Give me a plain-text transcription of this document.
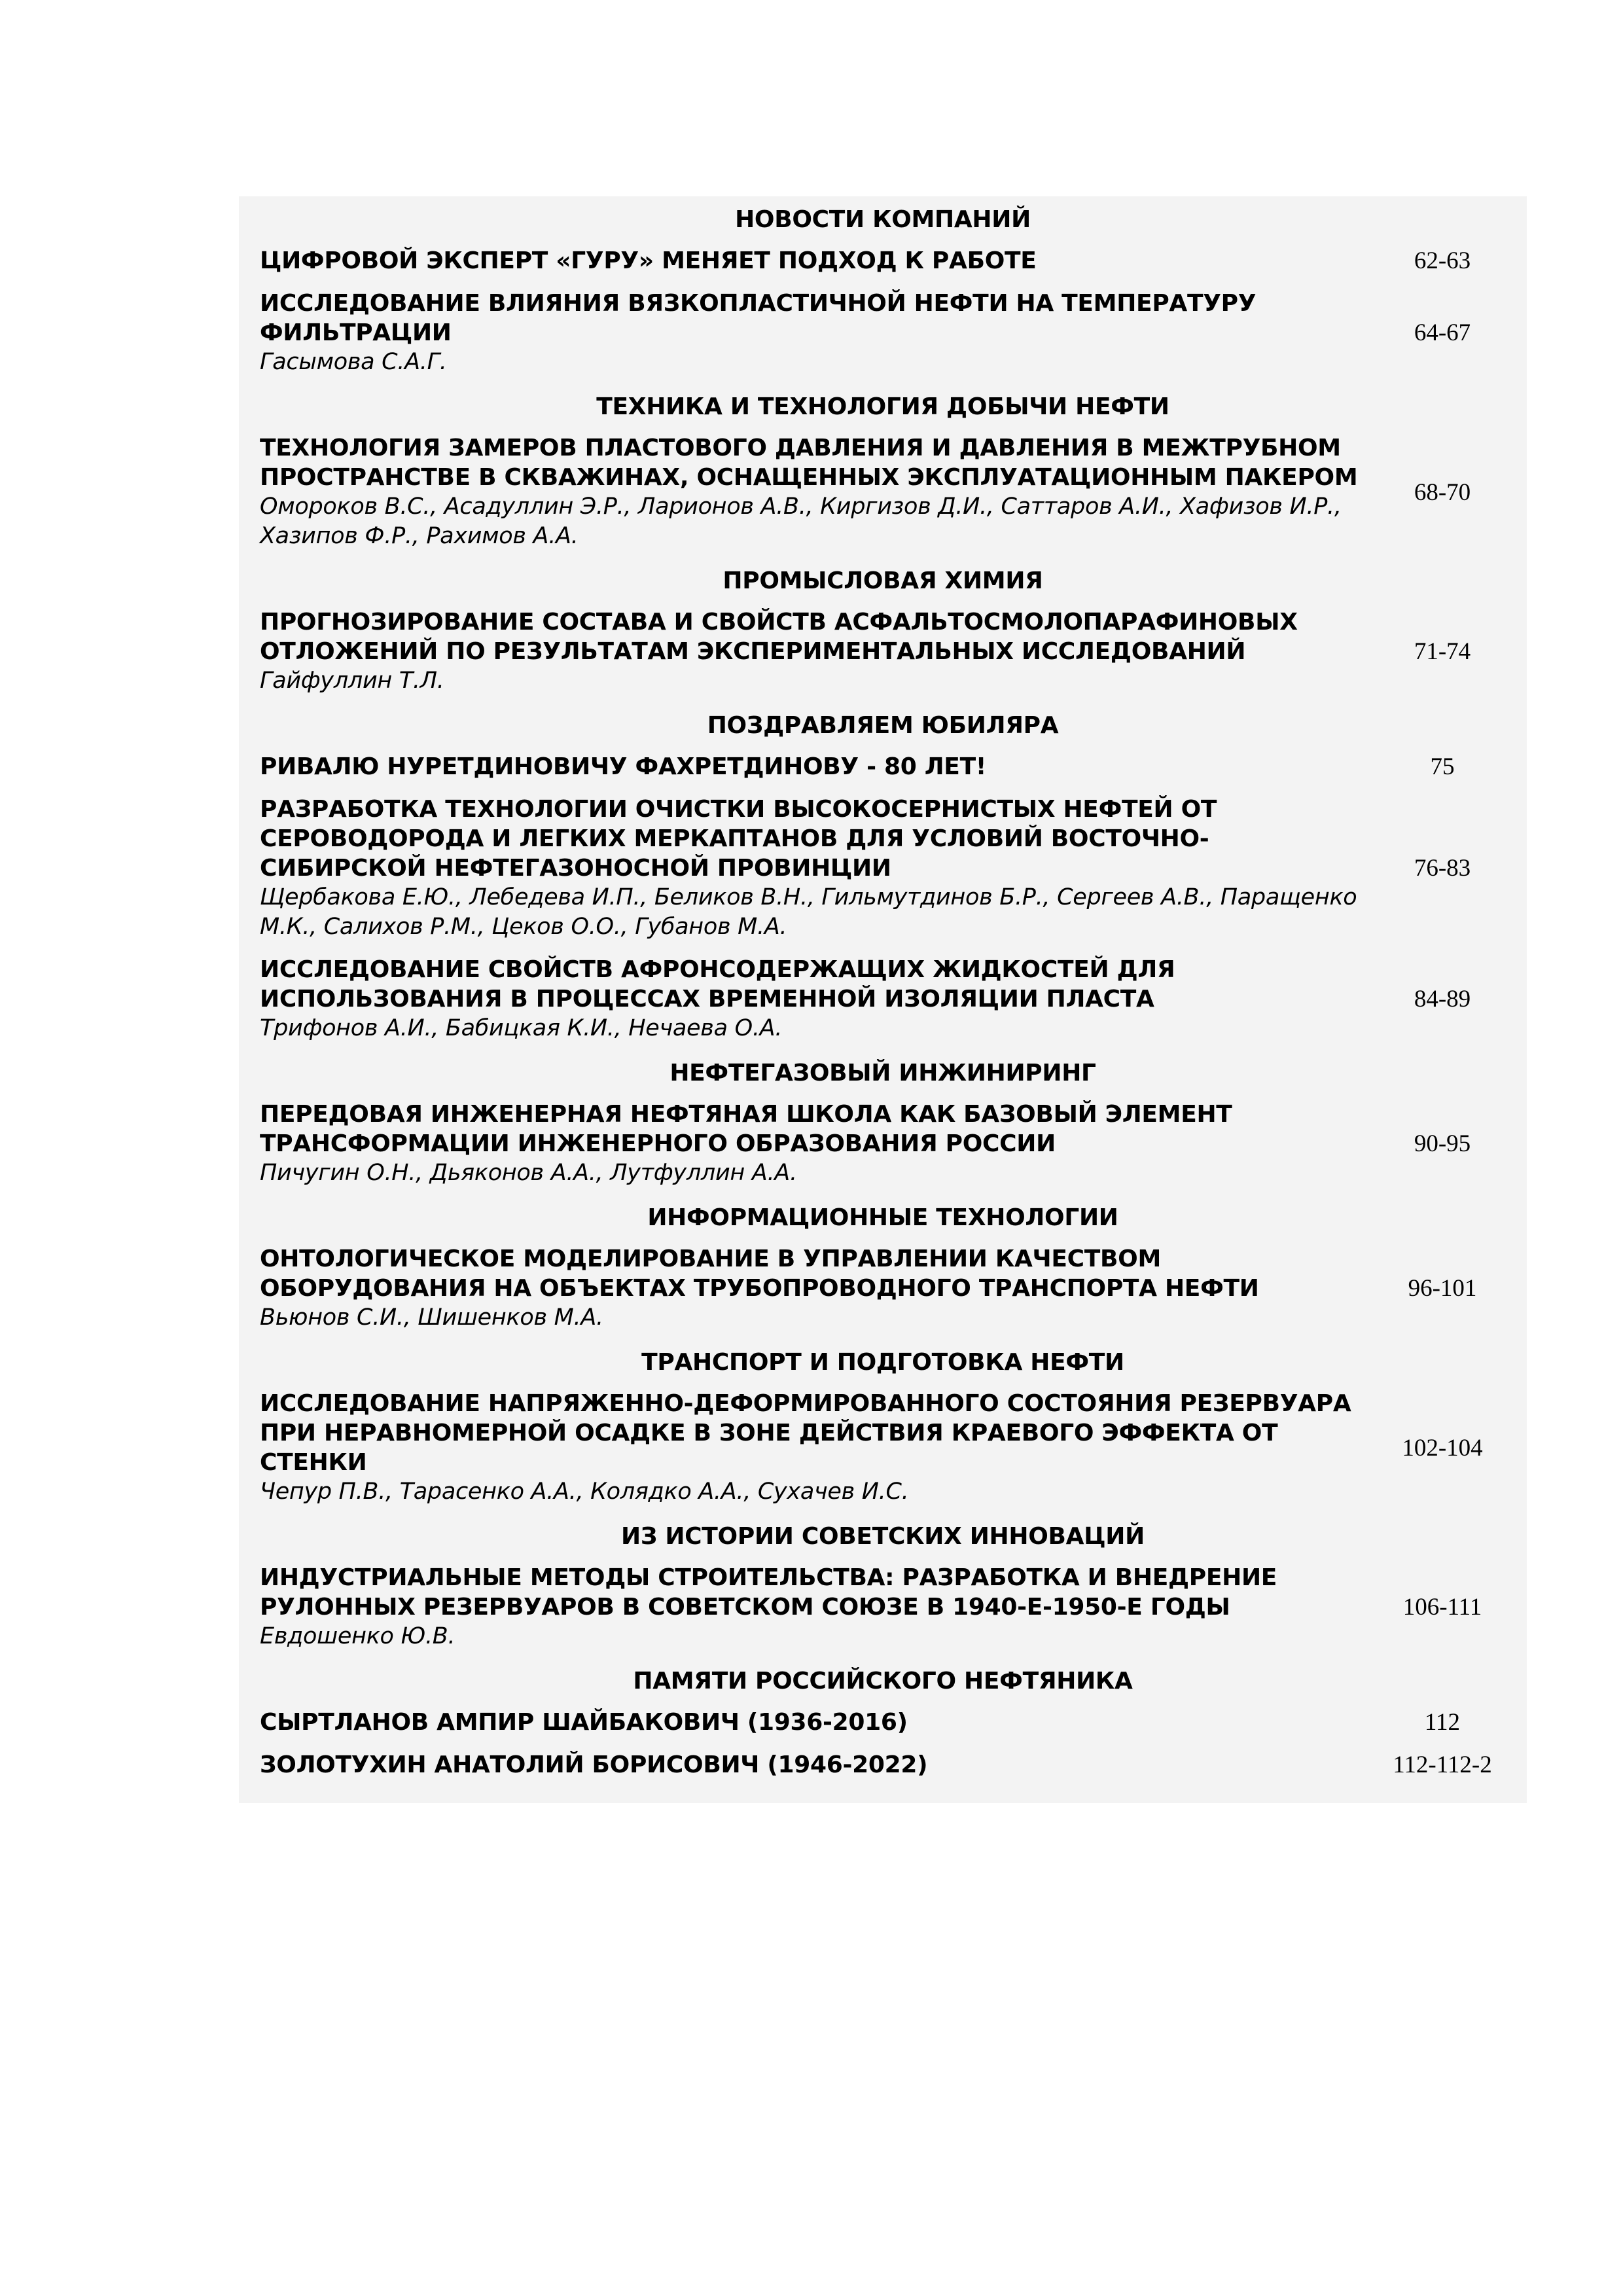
НОВОСТИ КОМПАНИЙ
ЦИФРОВОЙ ЭКСПЕРТ «ГУРУ» МЕНЯЕТ ПОДХОД К РАБОТЕ	62-63
ИССЛЕДОВАНИЕ ВЛИЯНИЯ ВЯЗКОПЛАСТИЧНОЙ НЕФТИ НА ТЕМПЕРАТУРУ ФИЛЬТРАЦИИ
Гасымова С.А.Г.
64-67
ТЕХНИКА И ТЕХНОЛОГИЯ ДОБЫЧИ НЕФТИ
ТЕХНОЛОГИЯ ЗАМЕРОВ ПЛАСТОВОГО ДАВЛЕНИЯ И ДАВЛЕНИЯ В МЕЖТРУБНОМ ПРОСТРАНСТВЕ В СКВАЖИНАХ, ОСНАЩЕННЫХ ЭКСПЛУАТАЦИОННЫМ ПАКЕРОМ
Омороков В.С., Асадуллин Э.Р., Ларионов А.В., Киргизов Д.И., Саттаров А.И., Хафизов И.Р., Хазипов Ф.Р., Рахимов А.А.
68-70
ПРОМЫСЛОВАЯ ХИМИЯ
ПРОГНОЗИРОВАНИЕ СОСТАВА И СВОЙСТВ АСФАЛЬТОСМОЛОПАРАФИНОВЫХ ОТЛОЖЕНИЙ ПО РЕЗУЛЬТАТАМ ЭКСПЕРИМЕНТАЛЬНЫХ ИССЛЕДОВАНИЙ
Гайфуллин Т.Л.
71-74
ПОЗДРАВЛЯЕМ ЮБИЛЯРА
РИВАЛЮ НУРЕТДИНОВИЧУ ФАХРЕТДИНОВУ - 80 ЛЕТ!	75
РАЗРАБОТКА ТЕХНОЛОГИИ ОЧИСТКИ ВЫСОКОСЕРНИСТЫХ НЕФТЕЙ ОТ СЕРОВОДОРОДА И ЛЕГКИХ МЕРКАПТАНОВ ДЛЯ УСЛОВИЙ ВОСТОЧНО-СИБИРСКОЙ НЕФТЕГАЗОНОСНОЙ ПРОВИНЦИИ
Щербакова Е.Ю., Лебедева И.П., Беликов В.Н., Гильмутдинов Б.Р., Сергеев А.В., Паращенко М.К., Салихов Р.М., Цеков О.О., Губанов М.А.
76-83
ИССЛЕДОВАНИЕ СВОЙСТВ АФРОНСОДЕРЖАЩИХ ЖИДКОСТЕЙ ДЛЯ ИСПОЛЬЗОВАНИЯ В ПРОЦЕССАХ ВРЕМЕННОЙ ИЗОЛЯЦИИ ПЛАСТА
Трифонов А.И., Бабицкая К.И., Нечаева О.А.
84-89
НЕФТЕГАЗОВЫЙ ИНЖИНИРИНГ
ПЕРЕДОВАЯ ИНЖЕНЕРНАЯ НЕФТЯНАЯ ШКОЛА КАК БАЗОВЫЙ ЭЛЕМЕНТ ТРАНСФОРМАЦИИ ИНЖЕНЕРНОГО ОБРАЗОВАНИЯ РОССИИ
Пичугин О.Н., Дьяконов А.А., Лутфуллин А.А.
90-95
ИНФОРМАЦИОННЫЕ ТЕХНОЛОГИИ
ОНТОЛОГИЧЕСКОЕ МОДЕЛИРОВАНИЕ В УПРАВЛЕНИИ КАЧЕСТВОМ ОБОРУДОВАНИЯ НА ОБЪЕКТАХ ТРУБОПРОВОДНОГО ТРАНСПОРТА НЕФТИ
Вьюнов С.И., Шишенков М.А.
96-101
ТРАНСПОРТ И ПОДГОТОВКА НЕФТИ
ИССЛЕДОВАНИЕ НАПРЯЖЕННО-ДЕФОРМИРОВАННОГО СОСТОЯНИЯ РЕЗЕРВУАРА ПРИ НЕРАВНОМЕРНОЙ ОСАДКЕ В ЗОНЕ ДЕЙСТВИЯ КРАЕВОГО ЭФФЕКТА ОТ СТЕНКИ
Чепур П.В., Тарасенко А.А., Колядко А.А., Сухачев И.С.
102-104
ИЗ ИСТОРИИ СОВЕТСКИХ ИННОВАЦИЙ
ИНДУСТРИАЛЬНЫЕ МЕТОДЫ СТРОИТЕЛЬСТВА: РАЗРАБОТКА И ВНЕДРЕНИЕ РУЛОННЫХ РЕЗЕРВУАРОВ В СОВЕТСКОМ СОЮЗЕ В 1940-Е-1950-Е ГОДЫ
Евдошенко Ю.В.
106-111
ПАМЯТИ РОССИЙСКОГО НЕФТЯНИКА
СЫРТЛАНОВ АМПИР ШАЙБАКОВИЧ (1936-2016)	112
ЗОЛОТУХИН АНАТОЛИЙ БОРИСОВИЧ (1946-2022)	112-112-2
